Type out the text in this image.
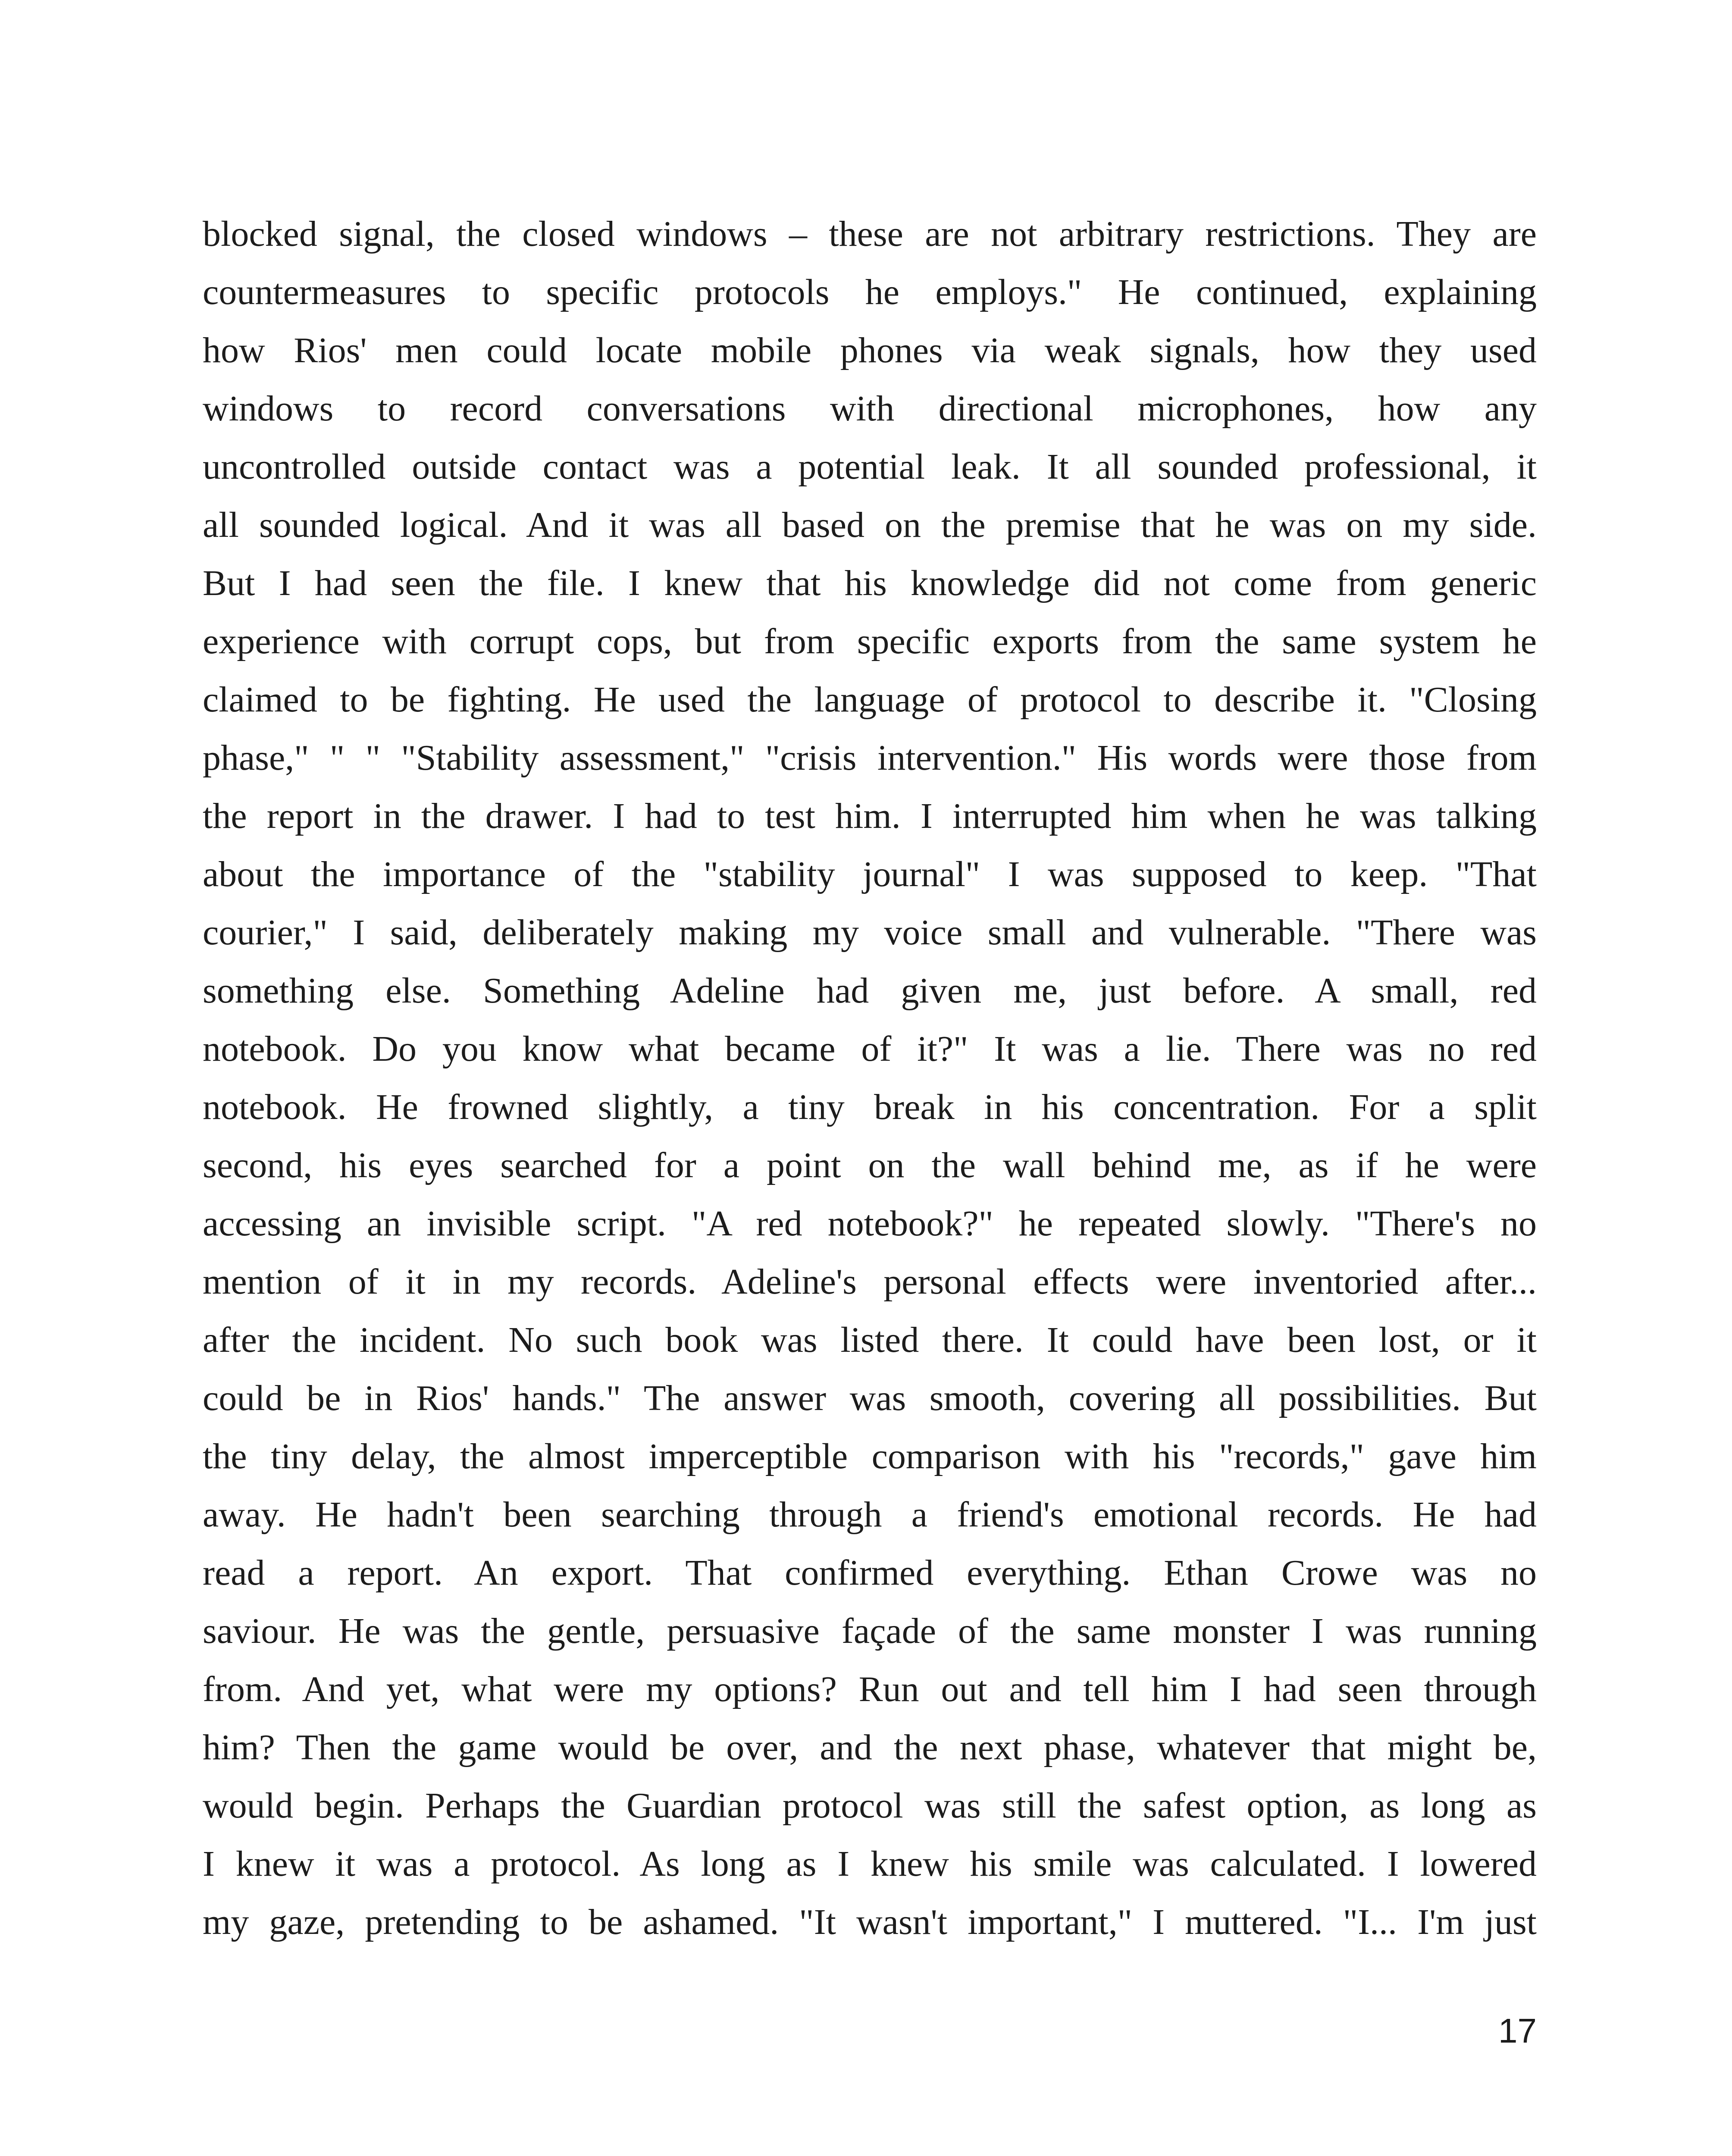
blocked signal, the closed windows – these are not arbitrary restrictions. They are
countermeasures to specific protocols he employs." He continued, explaining
how Rios' men could locate mobile phones via weak signals, how they used
windows to record conversations with directional microphones, how any
uncontrolled outside contact was a potential leak. It all sounded professional, it
all sounded logical. And it was all based on the premise that he was on my side.
But I had seen the file. I knew that his knowledge did not come from generic
experience with corrupt cops, but from specific exports from the same system he
claimed to be fighting. He used the language of protocol to describe it. "Closing
phase," " " "Stability assessment," "crisis intervention." His words were those from
the report in the drawer. I had to test him. I interrupted him when he was talking
about the importance of the "stability journal" I was supposed to keep. "That
courier," I said, deliberately making my voice small and vulnerable. "There was
something else. Something Adeline had given me, just before. A small, red
notebook. Do you know what became of it?" It was a lie. There was no red
notebook. He frowned slightly, a tiny break in his concentration. For a split
second, his eyes searched for a point on the wall behind me, as if he were
accessing an invisible script. "A red notebook?" he repeated slowly. "There's no
mention of it in my records. Adeline's personal effects were inventoried after...
after the incident. No such book was listed there. It could have been lost, or it
could be in Rios' hands." The answer was smooth, covering all possibilities. But
the tiny delay, the almost imperceptible comparison with his "records," gave him
away. He hadn't been searching through a friend's emotional records. He had
read a report. An export. That confirmed everything. Ethan Crowe was no
saviour. He was the gentle, persuasive façade of the same monster I was running
from. And yet, what were my options? Run out and tell him I had seen through
him? Then the game would be over, and the next phase, whatever that might be,
would begin. Perhaps the Guardian protocol was still the safest option, as long as
I knew it was a protocol. As long as I knew his smile was calculated. I lowered
my gaze, pretending to be ashamed. "It wasn't important," I muttered. "I... I'm just
17
